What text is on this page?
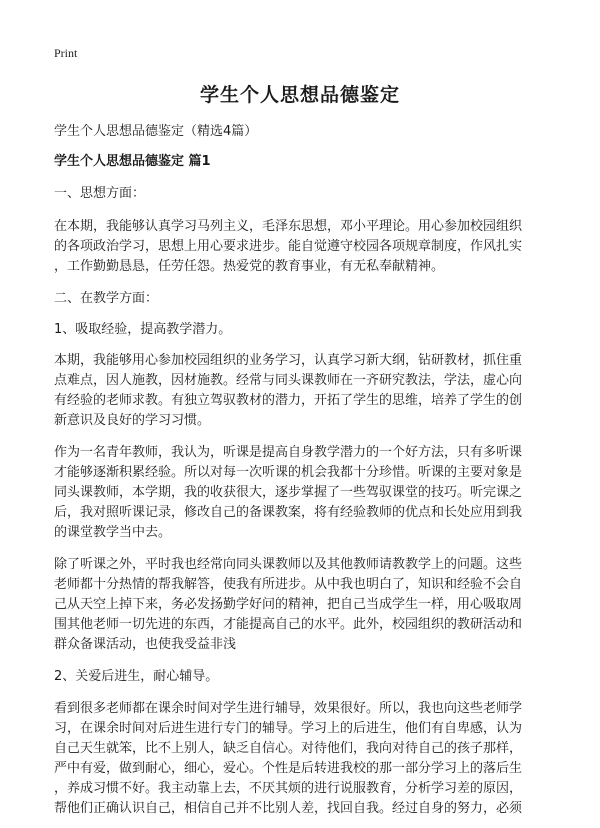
Print
学生个人思想品德鉴定
学生个人思想品德鉴定（精选4篇）
学生个人思想品德鉴定 篇1
一、思想方面：
在本期，我能够认真学习马列主义，毛泽东思想，邓小平理论。用心参加校园组织
的各项政治学习，思想上用心要求进步。能自觉遵守校园各项规章制度，作风扎实
，工作勤勤恳恳，任劳任怨。热爱党的教育事业，有无私奉献精神。
二、在教学方面：
1、吸取经验，提高教学潜力。
本期，我能够用心参加校园组织的业务学习，认真学习新大纲，钻研教材，抓住重
点难点，因人施教，因材施教。经常与同头课教师在一齐研究教法，学法，虚心向
有经验的老师求教。有独立驾驭教材的潜力，开拓了学生的思维，培养了学生的创
新意识及良好的学习习惯。
作为一名青年教师，我认为，听课是提高自身教学潜力的一个好方法，只有多听课
才能够逐渐积累经验。所以对每一次听课的机会我都十分珍惜。听课的主要对象是
同头课教师，本学期，我的收获很大，逐步掌握了一些驾驭课堂的技巧。听完课之
后，我对照听课记录，修改自己的备课教案，将有经验教师的优点和长处应用到我
的课堂教学当中去。
除了听课之外，平时我也经常向同头课教师以及其他教师请教教学上的问题。这些
老师都十分热情的帮我解答，使我有所进步。从中我也明白了，知识和经验不会自
己从天空上掉下来，务必发扬勤学好问的精神，把自己当成学生一样，用心吸取周
围其他老师一切先进的东西，才能提高自己的水平。此外，校园组织的教研活动和
群众备课活动，也使我受益非浅
2、关爱后进生，耐心辅导。
看到很多老师都在课余时间对学生进行辅导，效果很好。所以，我也向这些老师学
习，在课余时间对后进生进行专门的辅导。学习上的后进生，他们有自卑感，认为
自己天生就笨，比不上别人，缺乏自信心。对待他们，我向对待自己的孩子那样，
严中有爱，做到耐心，细心，爱心。个性是后转进我校的那一部分学习上的落后生
，养成习惯不好。我主动靠上去，不厌其烦的进行说服教育，分析学习差的原因，
帮他们正确认识自己，相信自己并不比别人差，找回自我。经过自身的努力，必须
